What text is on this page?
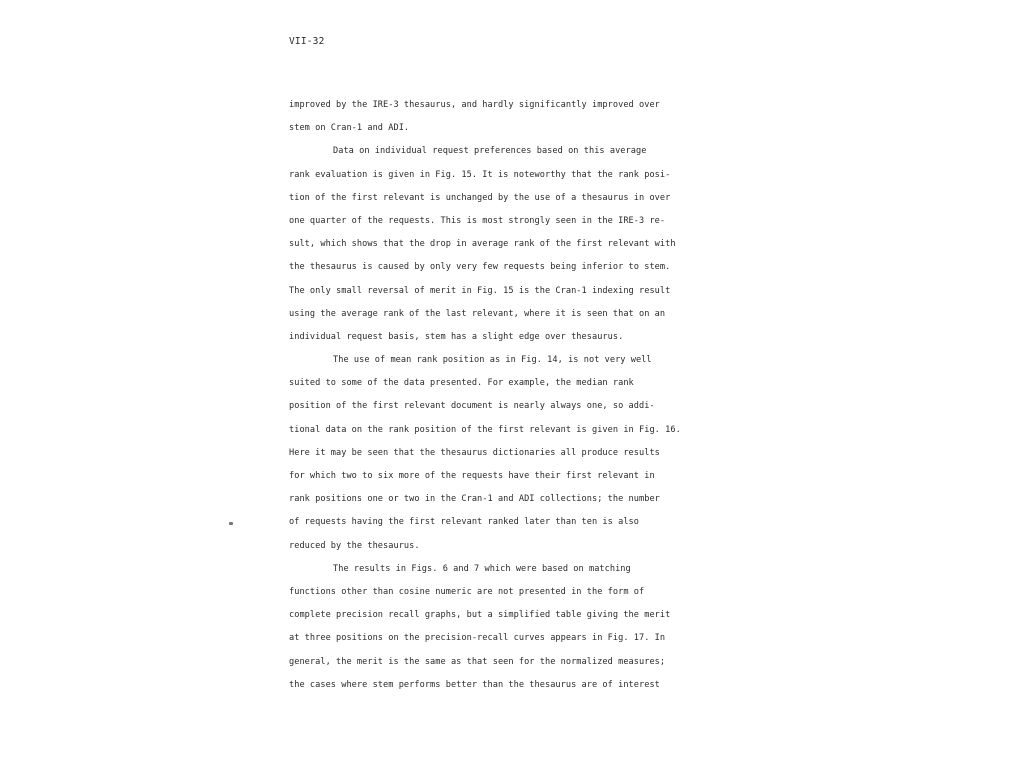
VII-32

improved by the IRE-3 thesaurus, and hardly significantly improved over
stem on Cran-1 and ADI.
Data on individual request preferences based on this average
rank evaluation is given in Fig. 15. It is noteworthy that the rank posi-
tion of the first relevant is unchanged by the use of a thesaurus in over
one quarter of the requests. This is most strongly seen in the IRE-3 re-
sult, which shows that the drop in average rank of the first relevant with
the thesaurus is caused by only very few requests being inferior to stem.
The only small reversal of merit in Fig. 15 is the Cran-1 indexing result
using the average rank of the last relevant, where it is seen that on an
individual request basis, stem has a slight edge over thesaurus.
The use of mean rank position as in Fig. 14, is not very well
suited to some of the data presented. For example, the median rank
position of the first relevant document is nearly always one, so addi-
tional data on the rank position of the first relevant is given in Fig. 16.
Here it may be seen that the thesaurus dictionaries all produce results
for which two to six more of the requests have their first relevant in
rank positions one or two in the Cran-1 and ADI collections; the number
of requests having the first relevant ranked later than ten is also
reduced by the thesaurus.
The results in Figs. 6 and 7 which were based on matching
functions other than cosine numeric are not presented in the form of
complete precision recall graphs, but a simplified table giving the merit
at three positions on the precision-recall curves appears in Fig. 17. In
general, the merit is the same as that seen for the normalized measures;
the cases where stem performs better than the thesaurus are of interest
